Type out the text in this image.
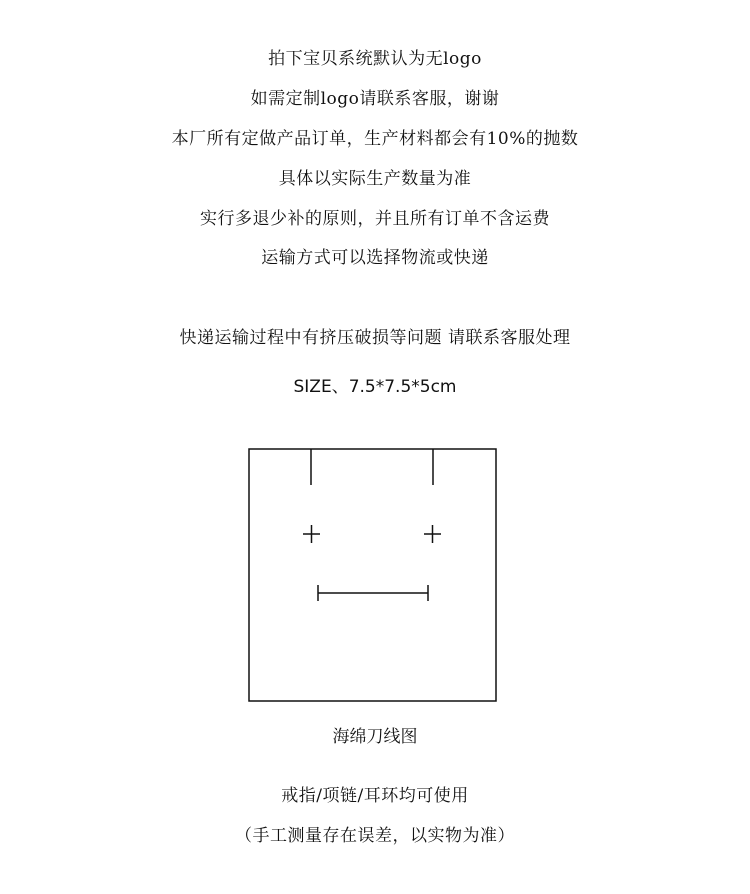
拍下宝贝系统默认为无logo
如需定制logo请联系客服，谢谢
本厂所有定做产品订单，生产材料都会有10%的抛数
具体以实际生产数量为准
实行多退少补的原则，并且所有订单不含运费
运输方式可以选择物流或快递
快递运输过程中有挤压破损等问题 请联系客服处理
SIZE、7.5*7.5*5cm
海绵刀线图
戒指/项链/耳环均可使用
（手工测量存在误差，以实物为准）
